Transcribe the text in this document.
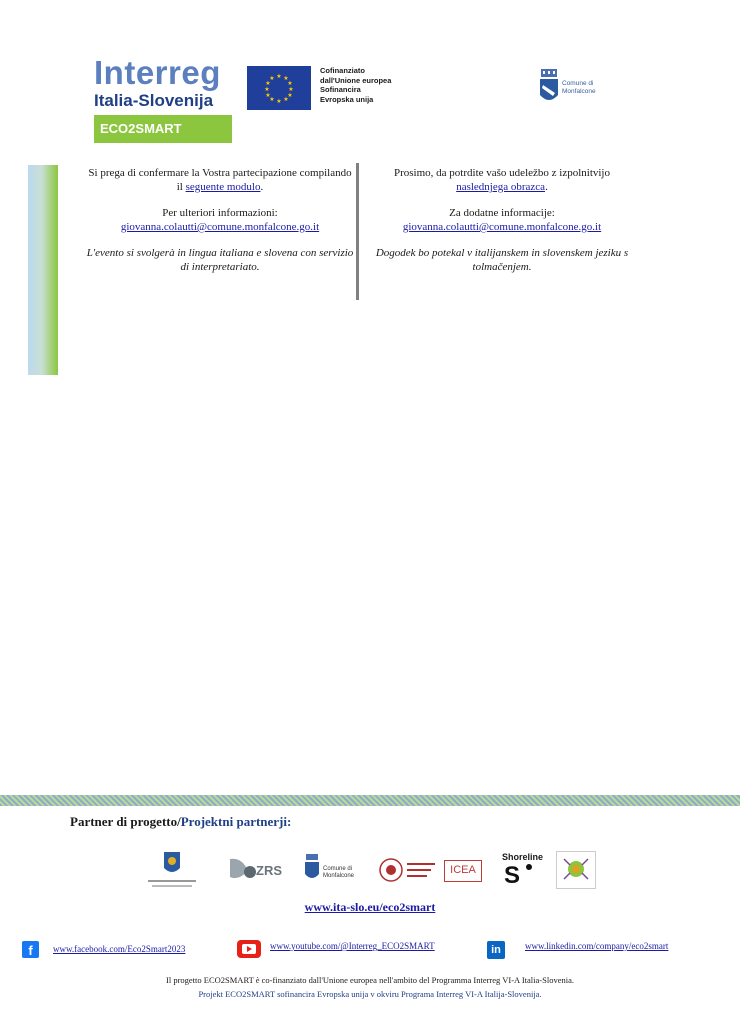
Interreg
Italia-Slovenija
ECO2SMART
★ ★
★
★
★
★
★
★
★
★
★
★
Cofinanziato
dall'Unione europea
Sofinancira
Evropska unija
Comune di
Monfalcone

Si prega di confermare la Vostra partecipazione compilando il seguente modulo.

Per ulteriori informazioni:
giovanna.colautti@comune.monfalcone.go.it

L'evento si svolgerà in lingua italiana e slovena con servizio di interpretariato.

Prosimo, da potrdite vašo udeležbo z izpolnitvijo naslednjega obrazca.

Za dodatne informacije:
giovanna.colautti@comune.monfalcone.go.it

Dogodek bo potekal v italijanskem in slovenskem jeziku s tolmačenjem.

Partner di progetto/Projektni partnerji:
ZRS	Comune di
Monfalcone	ICEA
Shoreline
S
www.ita-slo.eu/eco2smart
f	www.facebook.com/Eco2Smart2023	www.youtube.com/@Interreg_ECO2SMART	in	www.linkedin.com/company/eco2smart
Il progetto ECO2SMART è co-finanziato dall'Unione europea nell'ambito del Programma Interreg VI-A Italia-Slovenia.
Projekt ECO2SMART sofinancira Evropska unija v okviru Programa Interreg VI-A Italija-Slovenija.
